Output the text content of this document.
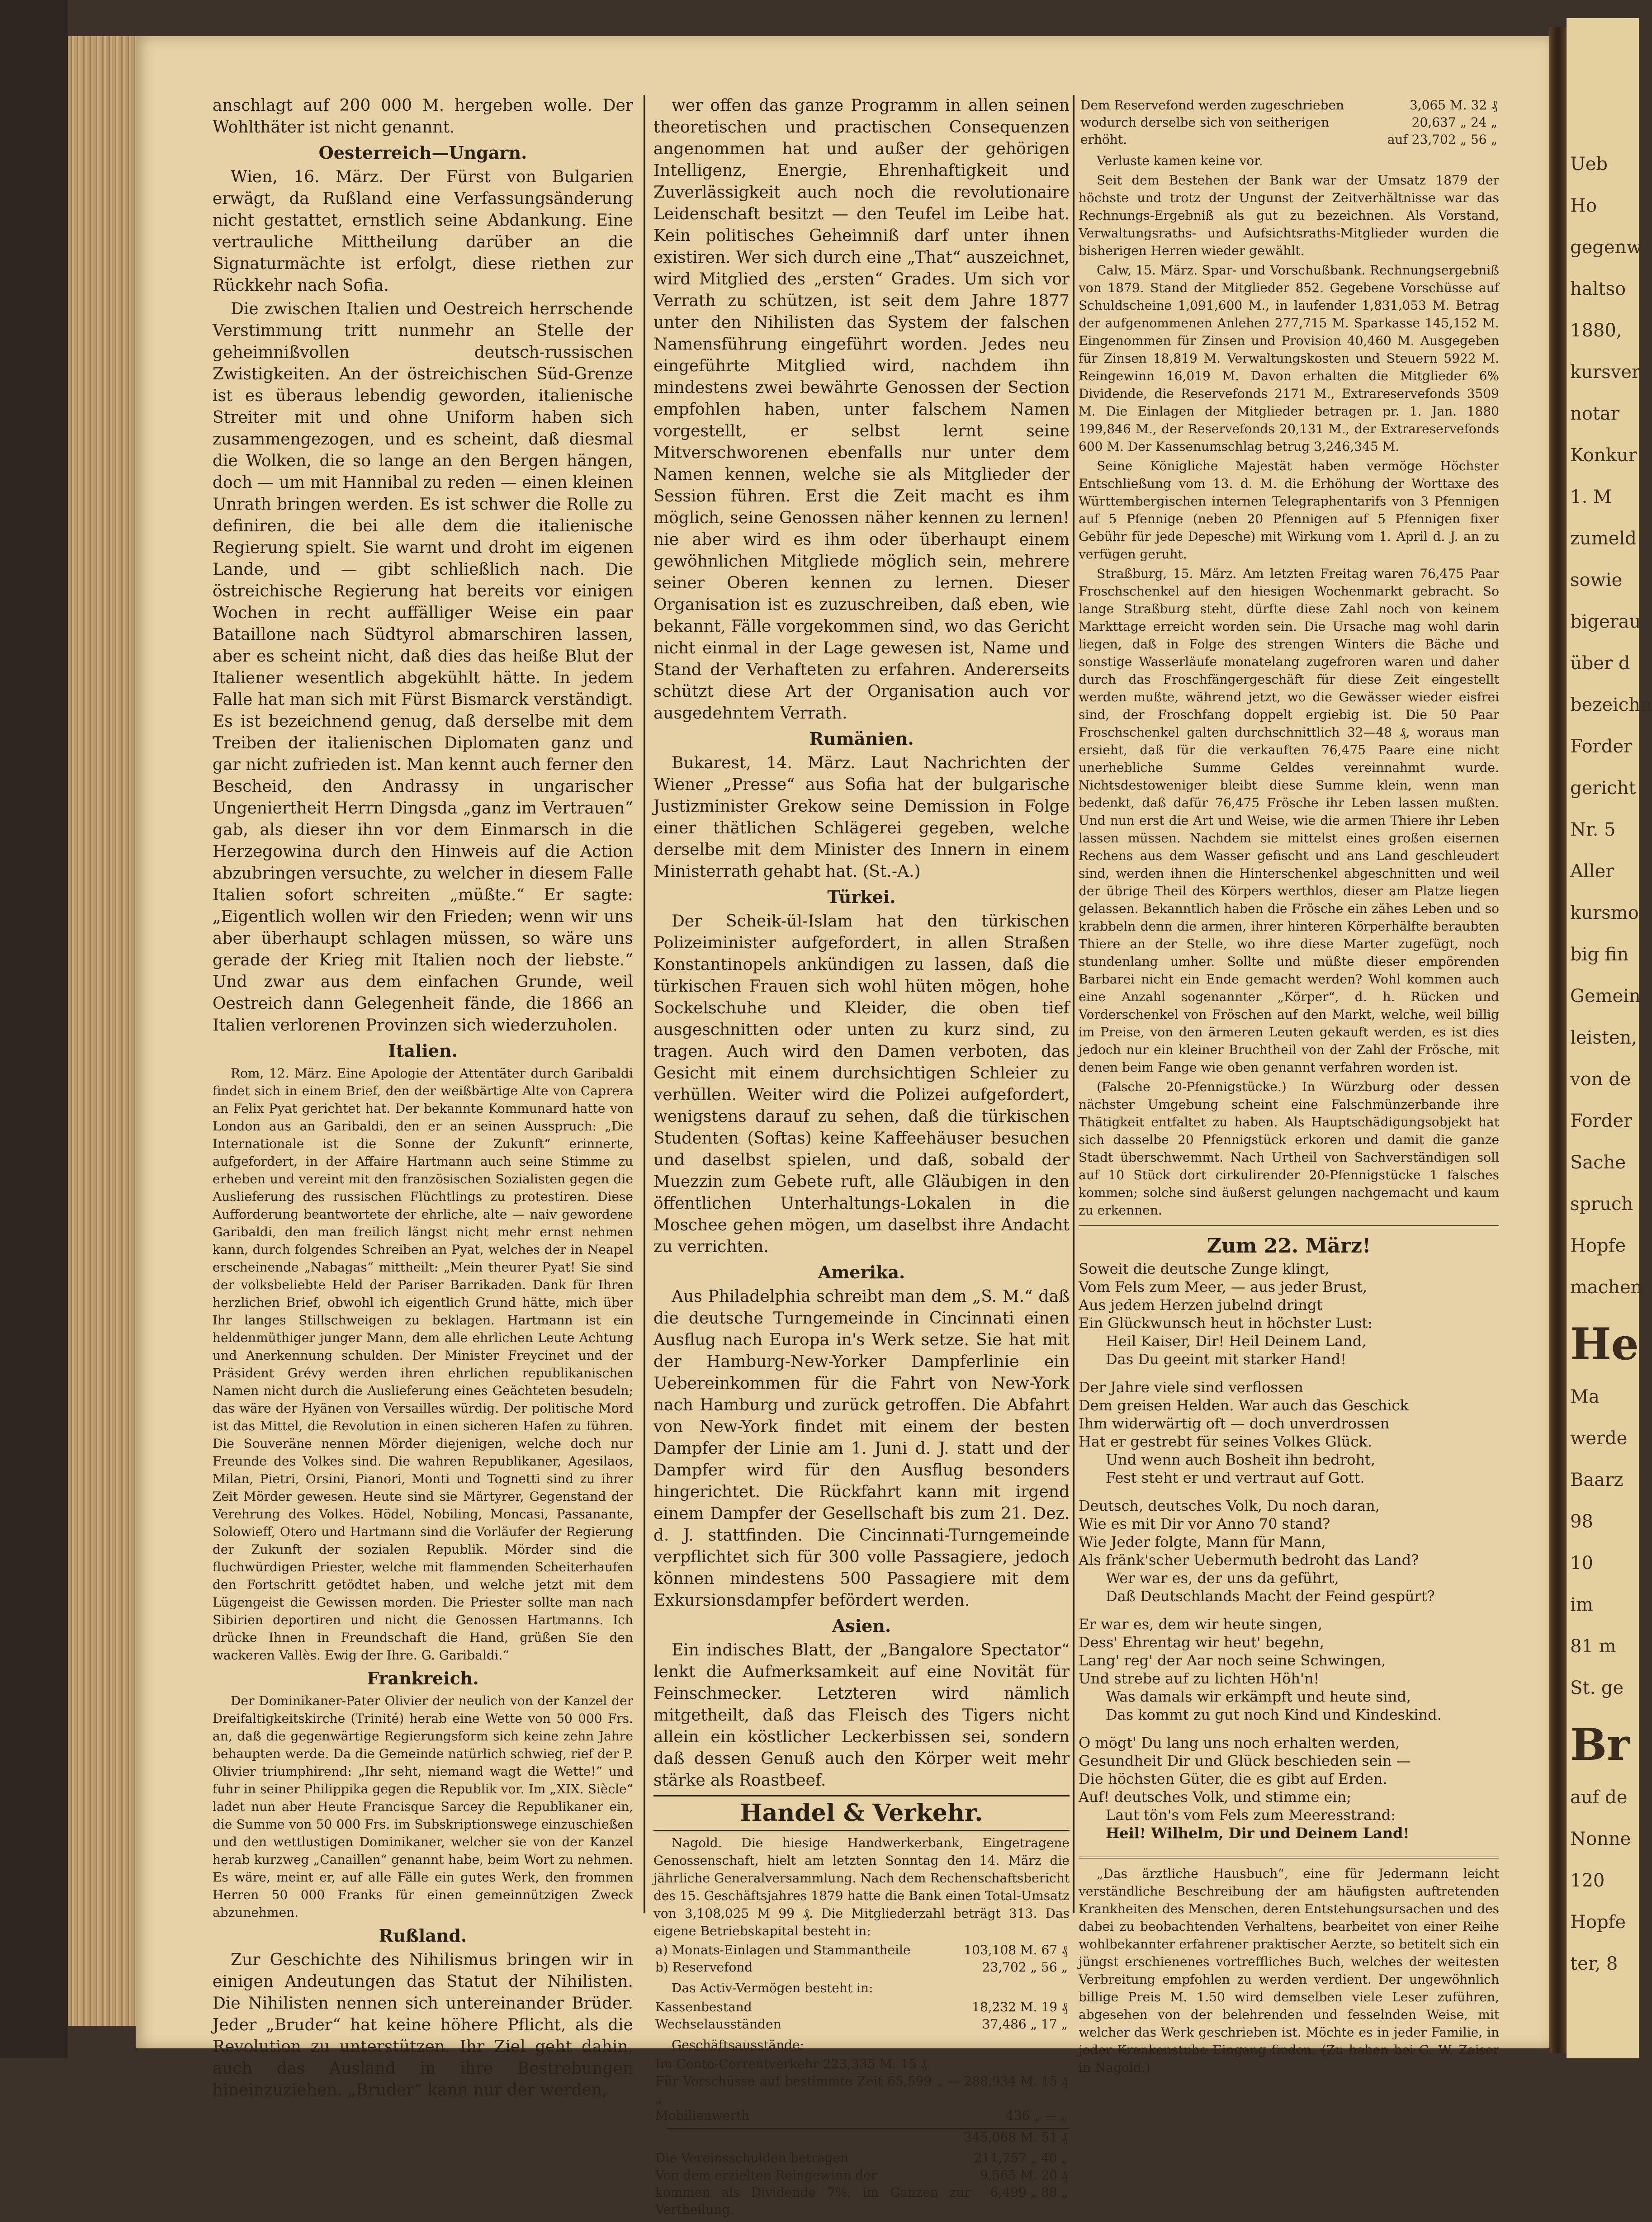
anschlagt auf 200 000 M. hergeben wolle. Der Wohlthäter ist nicht genannt.

Oesterreich—Ungarn.

Wien, 16. März. Der Fürst von Bulgarien erwägt, da Rußland eine Verfassungsänderung nicht gestattet, ernstlich seine Abdankung. Eine vertrauliche Mittheilung darüber an die Signaturmächte ist erfolgt, diese riethen zur Rückkehr nach Sofia.

Die zwischen Italien und Oestreich herrschende Verstimmung tritt nunmehr an Stelle der geheimnißvollen deutsch-russischen Zwistigkeiten. An der östreichischen Süd-Grenze ist es überaus lebendig geworden, italienische Streiter mit und ohne Uniform haben sich zusammengezogen, und es scheint, daß diesmal die Wolken, die so lange an den Bergen hängen, doch — um mit Hannibal zu reden — einen kleinen Unrath bringen werden. Es ist schwer die Rolle zu definiren, die bei alle dem die italienische Regierung spielt. Sie warnt und droht im eigenen Lande, und — gibt schließlich nach. Die östreichische Regierung hat bereits vor einigen Wochen in recht auffälliger Weise ein paar Bataillone nach Südtyrol abmarschiren lassen, aber es scheint nicht, daß dies das heiße Blut der Italiener wesentlich abgekühlt hätte. In jedem Falle hat man sich mit Fürst Bismarck verständigt. Es ist bezeichnend genug, daß derselbe mit dem Treiben der italienischen Diplomaten ganz und gar nicht zufrieden ist. Man kennt auch ferner den Bescheid, den Andrassy in ungarischer Ungeniertheit Herrn Dingsda „ganz im Vertrauen“ gab, als dieser ihn vor dem Einmarsch in die Herzegowina durch den Hinweis auf die Action abzubringen versuchte, zu welcher in diesem Falle Italien sofort schreiten „müßte.“ Er sagte: „Eigentlich wollen wir den Frieden; wenn wir uns aber überhaupt schlagen müssen, so wäre uns gerade der Krieg mit Italien noch der liebste.“ Und zwar aus dem einfachen Grunde, weil Oestreich dann Gelegenheit fände, die 1866 an Italien verlorenen Provinzen sich wiederzuholen.

Italien.

Rom, 12. März. Eine Apologie der Attentäter durch Garibaldi findet sich in einem Brief, den der weißbärtige Alte von Caprera an Felix Pyat gerichtet hat. Der bekannte Kommunard hatte von London aus an Garibaldi, den er an seinen Ausspruch: „Die Internationale ist die Sonne der Zukunft“ erinnerte, aufgefordert, in der Affaire Hartmann auch seine Stimme zu erheben und vereint mit den französischen Sozialisten gegen die Auslieferung des russischen Flüchtlings zu protestiren. Diese Aufforderung beantwortete der ehrliche, alte — naiv gewordene Garibaldi, den man freilich längst nicht mehr ernst nehmen kann, durch folgendes Schreiben an Pyat, welches der in Neapel erscheinende „Nabagas“ mittheilt: „Mein theurer Pyat! Sie sind der volksbeliebte Held der Pariser Barrikaden. Dank für Ihren herzlichen Brief, obwohl ich eigentlich Grund hätte, mich über Ihr langes Stillschweigen zu beklagen. Hartmann ist ein heldenmüthiger junger Mann, dem alle ehrlichen Leute Achtung und Anerkennung schulden. Der Minister Freycinet und der Präsident Grévy werden ihren ehrlichen republikanischen Namen nicht durch die Auslieferung eines Geächteten besudeln; das wäre der Hyänen von Versailles würdig. Der politische Mord ist das Mittel, die Revolution in einen sicheren Hafen zu führen. Die Souveräne nennen Mörder diejenigen, welche doch nur Freunde des Volkes sind. Die wahren Republikaner, Agesilaos, Milan, Pietri, Orsini, Pianori, Monti und Tognetti sind zu ihrer Zeit Mörder gewesen. Heute sind sie Märtyrer, Gegenstand der Verehrung des Volkes. Hödel, Nobiling, Moncasi, Passanante, Solowieff, Otero und Hartmann sind die Vorläufer der Regierung der Zukunft der sozialen Republik. Mörder sind die fluchwürdigen Priester, welche mit flammenden Scheiterhaufen den Fortschritt getödtet haben, und welche jetzt mit dem Lügengeist die Gewissen morden. Die Priester sollte man nach Sibirien deportiren und nicht die Genossen Hartmanns. Ich drücke Ihnen in Freundschaft die Hand, grüßen Sie den wackeren Vallès. Ewig der Ihre. G. Garibaldi.“

Frankreich.

Der Dominikaner-Pater Olivier der neulich von der Kanzel der Dreifaltigkeitskirche (Trinité) herab eine Wette von 50 000 Frs. an, daß die gegenwärtige Regierungsform sich keine zehn Jahre behaupten werde. Da die Gemeinde natürlich schwieg, rief der P. Olivier triumphirend: „Ihr seht, niemand wagt die Wette!“ und fuhr in seiner Philippika gegen die Republik vor. Im „XIX. Siècle“ ladet nun aber Heute Francisque Sarcey die Republikaner ein, die Summe von 50 000 Frs. im Subskriptionswege einzuschießen und den wettlustigen Dominikaner, welcher sie von der Kanzel herab kurzweg „Canaillen“ genannt habe, beim Wort zu nehmen. Es wäre, meint er, auf alle Fälle ein gutes Werk, den frommen Herren 50 000 Franks für einen gemeinnützigen Zweck abzunehmen.

Rußland.

Zur Geschichte des Nihilismus bringen wir in einigen Andeutungen das Statut der Nihilisten. Die Nihilisten nennen sich untereinander Brüder. Jeder „Bruder“ hat keine höhere Pflicht, als die Revolution zu unterstützen. Ihr Ziel geht dahin, auch das Ausland in ihre Bestrebungen hineinzuziehen. „Bruder“ kann nur der werden,

wer offen das ganze Programm in allen seinen theoretischen und practischen Consequenzen angenommen hat und außer der gehörigen Intelligenz, Energie, Ehrenhaftigkeit und Zuverlässigkeit auch noch die revolutionaire Leidenschaft besitzt — den Teufel im Leibe hat. Kein politisches Geheimniß darf unter ihnen existiren. Wer sich durch eine „That“ auszeichnet, wird Mitglied des „ersten“ Grades. Um sich vor Verrath zu schützen, ist seit dem Jahre 1877 unter den Nihilisten das System der falschen Namensführung eingeführt worden. Jedes neu eingeführte Mitglied wird, nachdem ihn mindestens zwei bewährte Genossen der Section empfohlen haben, unter falschem Namen vorgestellt, er selbst lernt seine Mitverschworenen ebenfalls nur unter dem Namen kennen, welche sie als Mitglieder der Session führen. Erst die Zeit macht es ihm möglich, seine Genossen näher kennen zu lernen! nie aber wird es ihm oder überhaupt einem gewöhnlichen Mitgliede möglich sein, mehrere seiner Oberen kennen zu lernen. Dieser Organisation ist es zuzuschreiben, daß eben, wie bekannt, Fälle vorgekommen sind, wo das Gericht nicht einmal in der Lage gewesen ist, Name und Stand der Verhafteten zu erfahren. Andererseits schützt diese Art der Organisation auch vor ausgedehntem Verrath.

Rumänien.

Bukarest, 14. März. Laut Nachrichten der Wiener „Presse“ aus Sofia hat der bulgarische Justizminister Grekow seine Demission in Folge einer thätlichen Schlägerei gegeben, welche derselbe mit dem Minister des Innern in einem Ministerrath gehabt hat. (St.-A.)

Türkei.

Der Scheik-ül-Islam hat den türkischen Polizeiminister aufgefordert, in allen Straßen Konstantinopels ankündigen zu lassen, daß die türkischen Frauen sich wohl hüten mögen, hohe Sockelschuhe und Kleider, die oben tief ausgeschnitten oder unten zu kurz sind, zu tragen. Auch wird den Damen verboten, das Gesicht mit einem durchsichtigen Schleier zu verhüllen. Weiter wird die Polizei aufgefordert, wenigstens darauf zu sehen, daß die türkischen Studenten (Softas) keine Kaffeehäuser besuchen und daselbst spielen, und daß, sobald der Muezzin zum Gebete ruft, alle Gläubigen in den öffentlichen Unterhaltungs-Lokalen in die Moschee gehen mögen, um daselbst ihre Andacht zu verrichten.

Amerika.

Aus Philadelphia schreibt man dem „S. M.“ daß die deutsche Turngemeinde in Cincinnati einen Ausflug nach Europa in's Werk setze. Sie hat mit der Hamburg-New-Yorker Dampferlinie ein Uebereinkommen für die Fahrt von New-York nach Hamburg und zurück getroffen. Die Abfahrt von New-York findet mit einem der besten Dampfer der Linie am 1. Juni d. J. statt und der Dampfer wird für den Ausflug besonders hingerichtet. Die Rückfahrt kann mit irgend einem Dampfer der Gesellschaft bis zum 21. Dez. d. J. stattfinden. Die Cincinnati-Turngemeinde verpflichtet sich für 300 volle Passagiere, jedoch können mindestens 500 Passagiere mit dem Exkursionsdampfer befördert werden.

Asien.

Ein indisches Blatt, der „Bangalore Spectator“ lenkt die Aufmerksamkeit auf eine Novität für Feinschmecker. Letzteren wird nämlich mitgetheilt, daß das Fleisch des Tigers nicht allein ein köstlicher Leckerbissen sei, sondern daß dessen Genuß auch den Körper weit mehr stärke als Roastbeef.

Handel & Verkehr.

Nagold. Die hiesige Handwerkerbank, Eingetragene Genossenschaft, hielt am letzten Sonntag den 14. März die jährliche Generalversammlung. Nach dem Rechenschaftsbericht des 15. Geschäftsjahres 1879 hatte die Bank einen Total-Umsatz von 3,108,025 M 99 ₰. Die Mitgliederzahl beträgt 313. Das eigene Betriebskapital besteht in:

a) Monats-Einlagen und Stammantheile	103,108 M. 67 ₰
b) Reservefond	23,702 „ 56 „

Das Activ-Vermögen besteht in:

Kassenbestand	18,232 M. 19 ₰
Wechselausständen	37,486 „ 17 „

Geschäftsausstände:

Im Conto-Correntverkehr 223,335 M. 15 ₰	
Für Vorschüsse auf bestimmte Zeit 65,599 „ — „	288,934 M. 15 ₰
Mobilienwerth	436 „ — „
	345,068 M. 51 ₰
Die Vereinsschulden betragen	211,757 „ 40 „
Von dem erzielten Reingewinn der	9,565 M. 20 ₰
kommen als Dividende 7%, im Ganzen zur Vertheilung.	6,499 „ 88 „
Dem Reservefond werden zugeschrieben	3,065 M. 32 ₰
wodurch derselbe sich von seitherigen	20,637 „ 24 „
erhöht.	auf 23,702 „ 56 „

Verluste kamen keine vor.

Seit dem Bestehen der Bank war der Umsatz 1879 der höchste und trotz der Ungunst der Zeitverhältnisse war das Rechnungs-Ergebniß als gut zu bezeichnen. Als Vorstand, Verwaltungsraths- und Aufsichtsraths-Mitglieder wurden die bisherigen Herren wieder gewählt.

Calw, 15. März. Spar- und Vorschußbank. Rechnungsergebniß von 1879. Stand der Mitglieder 852. Gegebene Vorschüsse auf Schuldscheine 1,091,600 M., in laufender 1,831,053 M. Betrag der aufgenommenen Anlehen 277,715 M. Sparkasse 145,152 M. Eingenommen für Zinsen und Provision 40,460 M. Ausgegeben für Zinsen 18,819 M. Verwaltungskosten und Steuern 5922 M. Reingewinn 16,019 M. Davon erhalten die Mitglieder 6% Dividende, die Reservefonds 2171 M., Extrareservefonds 3509 M. Die Einlagen der Mitglieder betragen pr. 1. Jan. 1880 199,846 M., der Reservefonds 20,131 M., der Extrareservefonds 600 M. Der Kassenumschlag betrug 3,246,345 M.

Seine Königliche Majestät haben vermöge Höchster Entschließung vom 13. d. M. die Erhöhung der Worttaxe des Württembergischen internen Telegraphentarifs von 3 Pfennigen auf 5 Pfennige (neben 20 Pfennigen auf 5 Pfennigen fixer Gebühr für jede Depesche) mit Wirkung vom 1. April d. J. an zu verfügen geruht.

Straßburg, 15. März. Am letzten Freitag waren 76,475 Paar Froschschenkel auf den hiesigen Wochenmarkt gebracht. So lange Straßburg steht, dürfte diese Zahl noch von keinem Markttage erreicht worden sein. Die Ursache mag wohl darin liegen, daß in Folge des strengen Winters die Bäche und sonstige Wasserläufe monatelang zugefroren waren und daher durch das Froschfängergeschäft für diese Zeit eingestellt werden mußte, während jetzt, wo die Gewässer wieder eisfrei sind, der Froschfang doppelt ergiebig ist. Die 50 Paar Froschschenkel galten durchschnittlich 32—48 ₰, woraus man ersieht, daß für die verkauften 76,475 Paare eine nicht unerhebliche Summe Geldes vereinnahmt wurde. Nichtsdestoweniger bleibt diese Summe klein, wenn man bedenkt, daß dafür 76,475 Frösche ihr Leben lassen mußten. Und nun erst die Art und Weise, wie die armen Thiere ihr Leben lassen müssen. Nachdem sie mittelst eines großen eisernen Rechens aus dem Wasser gefischt und ans Land geschleudert sind, werden ihnen die Hinterschenkel abgeschnitten und weil der übrige Theil des Körpers werthlos, dieser am Platze liegen gelassen. Bekanntlich haben die Frösche ein zähes Leben und so krabbeln denn die armen, ihrer hinteren Körperhälfte beraubten Thiere an der Stelle, wo ihre diese Marter zugefügt, noch stundenlang umher. Sollte und müßte dieser empörenden Barbarei nicht ein Ende gemacht werden? Wohl kommen auch eine Anzahl sogenannter „Körper“, d. h. Rücken und Vorderschenkel von Fröschen auf den Markt, welche, weil billig im Preise, von den ärmeren Leuten gekauft werden, es ist dies jedoch nur ein kleiner Bruchtheil von der Zahl der Frösche, mit denen beim Fange wie oben genannt verfahren worden ist.

(Falsche 20-Pfennigstücke.) In Würzburg oder dessen nächster Umgebung scheint eine Falschmünzerbande ihre Thätigkeit entfaltet zu haben. Als Hauptschädigungsobjekt hat sich dasselbe 20 Pfennigstück erkoren und damit die ganze Stadt überschwemmt. Nach Urtheil von Sachverständigen soll auf 10 Stück dort cirkulirender 20-Pfennigstücke 1 falsches kommen; solche sind äußerst gelungen nachgemacht und kaum zu erkennen.

Zum 22. März!
Soweit die deutsche Zunge klingt,
Vom Fels zum Meer, — aus jeder Brust,
Aus jedem Herzen jubelnd dringt
Ein Glückwunsch heut in höchster Lust:
Heil Kaiser, Dir! Heil Deinem Land,
Das Du geeint mit starker Hand!
Der Jahre viele sind verflossen
Dem greisen Helden. War auch das Geschick
Ihm widerwärtig oft — doch unverdrossen
Hat er gestrebt für seines Volkes Glück.
Und wenn auch Bosheit ihn bedroht,
Fest steht er und vertraut auf Gott.
Deutsch, deutsches Volk, Du noch daran,
Wie es mit Dir vor Anno 70 stand?
Wie Jeder folgte, Mann für Mann,
Als fränk'scher Uebermuth bedroht das Land?
Wer war es, der uns da geführt,
Daß Deutschlands Macht der Feind gespürt?
Er war es, dem wir heute singen,
Dess' Ehrentag wir heut' begehn,
Lang' reg' der Aar noch seine Schwingen,
Und strebe auf zu lichten Höh'n!
Was damals wir erkämpft und heute sind,
Das kommt zu gut noch Kind und Kindeskind.
O mögt' Du lang uns noch erhalten werden,
Gesundheit Dir und Glück beschieden sein —
Die höchsten Güter, die es gibt auf Erden.
Auf! deutsches Volk, und stimme ein;
Laut tön's vom Fels zum Meeresstrand:
Heil! Wilhelm, Dir und Deinem Land!

„Das ärztliche Hausbuch“, eine für Jedermann leicht verständliche Beschreibung der am häufigsten auftretenden Krankheiten des Menschen, deren Entstehungsursachen und des dabei zu beobachtenden Verhaltens, bearbeitet von einer Reihe wohlbekannter erfahrener praktischer Aerzte, so betitelt sich ein jüngst erschienenes vortreffliches Buch, welches der weitesten Verbreitung empfohlen zu werden verdient. Der ungewöhnlich billige Preis M. 1.50 wird demselben viele Leser zuführen, abgesehen von der belehrenden und fesselnden Weise, mit welcher das Werk geschrieben ist. Möchte es in jeder Familie, in jeder Krankenstube Eingang finden. (Zu haben bei G. W. Zaiser in Nagold.)

Ueb
Ho
gegenw
haltso
1880,
kursver
notar
Konkur
1. M
zumeld
sowie
bigerau
über d
bezeichn
Forder
gericht
Nr. 5
Aller
kursmo
big fin
Gemein
leisten,
von de
Forder
Sache
spruch
Hopfe
machen
He
Ma
werde
Baarz
98
10
im
81 m
St. ge
Br
auf de
Nonne
120
Hopfe
ter, 8
